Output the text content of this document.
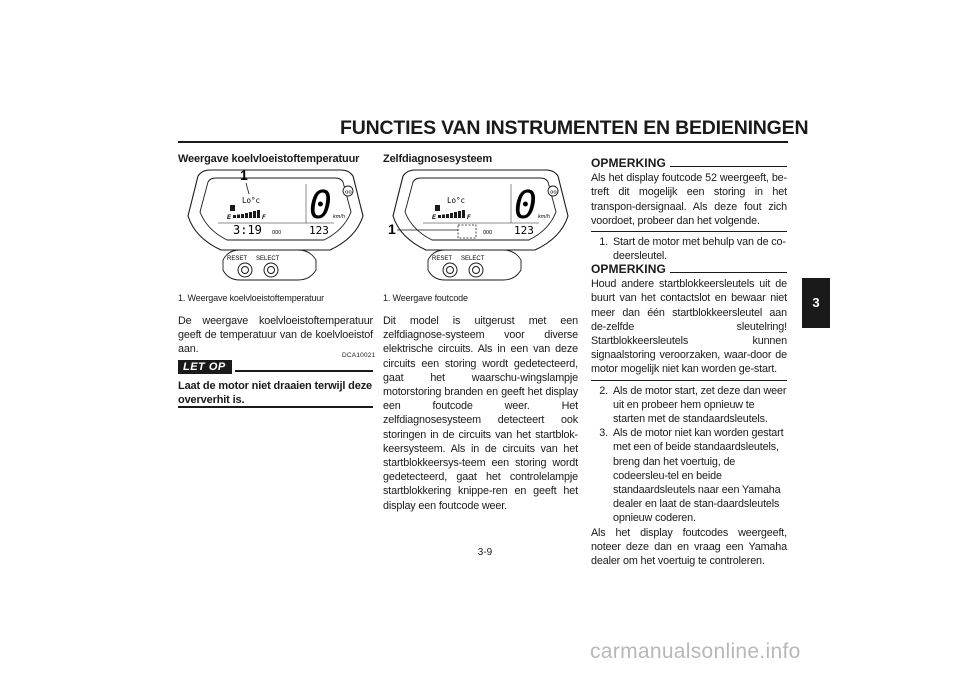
FUNCTIES VAN INSTRUMENTEN EN BEDIENINGEN
3
Weergave koelvloeistoftemperatuur
oo
RESET SELECT
1
Lo°c
E	F 0 km/h
3:19 000	123
1. Weergave koelvloeistoftemperatuur
De weergave koelvloeistoftemperatuur geeft de temperatuur van de koelvloeistof aan.
LET OP
DCA10021
Laat de motor niet draaien terwijl deze oververhit is.
Zelfdiagnosesysteem
oo
RESET SELECT
Lo°c
E	F 0 km/h
1	000 123
1. Weergave foutcode
Dit model is uitgerust met een zelfdiagnose-systeem voor diverse elektrische circuits. Als in een van deze circuits een storing wordt gedetecteerd, gaat het waarschu-wingslampje motorstoring branden en geeft het display een foutcode weer. Het zelfdiagnosesysteem detecteert ook storingen in de circuits van het startblok-keersysteem. Als in de circuits van het startblokkeersys-teem een storing wordt gedetecteerd, gaat het controlelampje startblokkering knippe-ren en geeft het display een foutcode weer.
OPMERKING
Als het display foutcode 52 weergeeft, be-treft dit mogelijk een storing in het transpon-dersignaal. Als deze fout zich voordoet, probeer dan het volgende.
1. Start de motor met behulp van de co-deersleutel.
OPMERKING
Houd andere startblokkeersleutels uit de buurt van het contactslot en bewaar niet meer dan één startblokkeersleutel aan de-zelfde sleutelring! Startblokkeersleutels kunnen signaalstoring veroorzaken, waar-door de motor mogelijk niet kan worden ge-start.
2. Als de motor start, zet deze dan weer uit en probeer hem opnieuw te starten met de standaardsleutels.
3. Als de motor niet kan worden gestart met een of beide standaardsleutels, breng dan het voertuig, de codeersleu-tel en beide standaardsleutels naar een Yamaha dealer en laat de stan-daardsleutels opnieuw coderen.
Als het display foutcodes weergeeft, noteer deze dan en vraag een Yamaha dealer om het voertuig te controleren.
3-9
carmanualsonline.info
